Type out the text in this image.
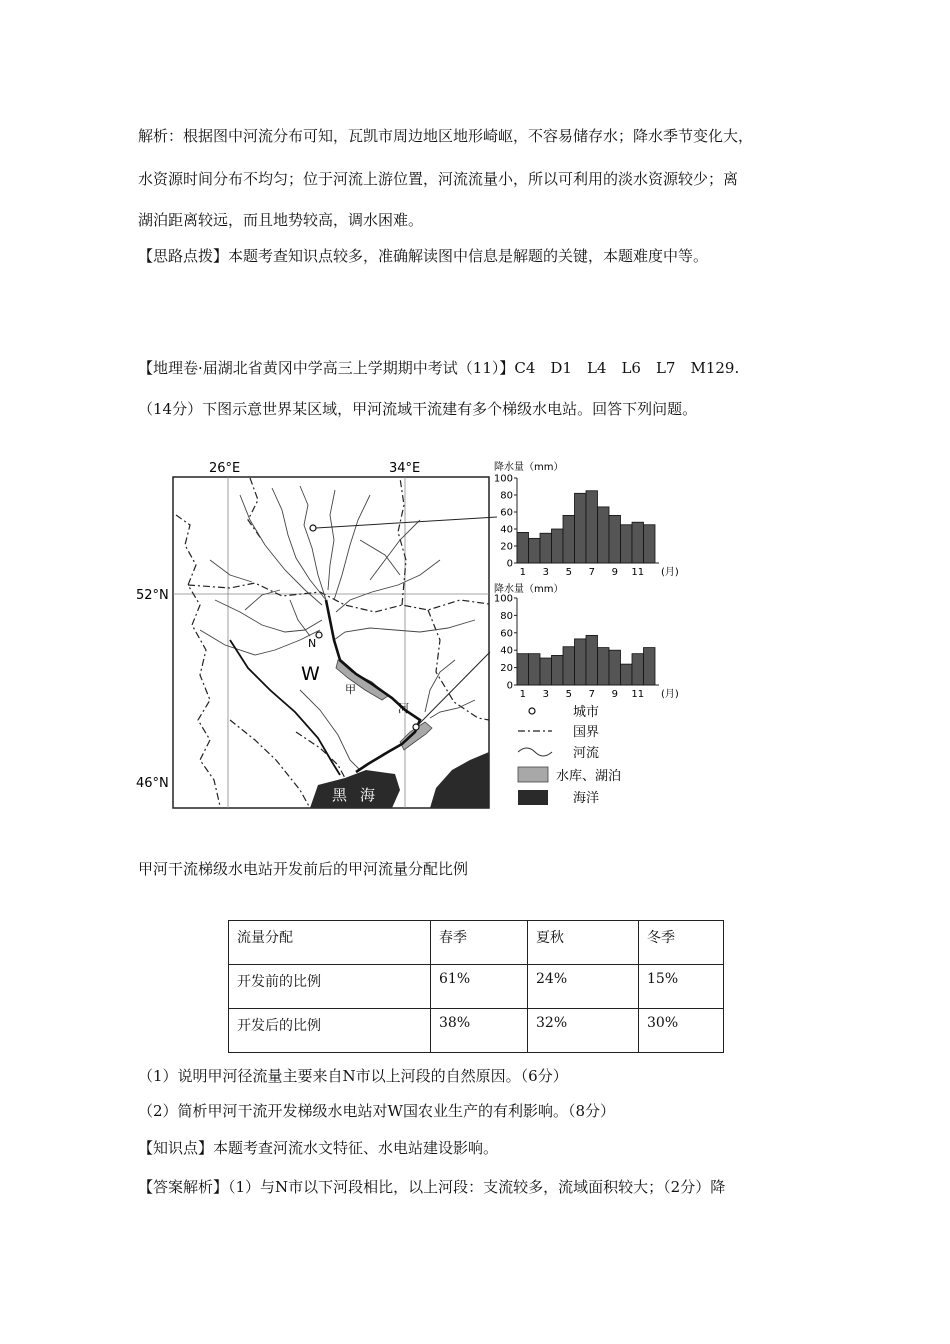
解析：根据图中河流分布可知，瓦凯市周边地区地形崎岖，不容易储存水；降水季节变化大，
水资源时间分布不均匀；位于河流上游位置，河流流量小，所以可利用的淡水资源较少；离
湖泊距离较远，而且地势较高，调水困难。
【思路点拨】本题考查知识点较多，准确解读图中信息是解题的关键，本题难度中等。
【地理卷·届湖北省黄冈中学高三上学期期中考试（11）】C4　D1　L4　L6　L7　M129.
（14分）下图示意世界某区域，甲河流域干流建有多个梯级水电站。回答下列问题。
26°E	34°E
52°N
46°N
N
W
甲
河
黑 海
降水量（mm）
0
20
40
60
80
100
1 3 5 7 9 11 (月)
降水量（mm）
0
20
40
60
80
100
1 3 5 7 9 11 (月)
城市
国界
河流
水库、湖泊
海洋
甲河干流梯级水电站开发前后的甲河流量分配比例
流量分配	春季	夏秋	冬季
开发前的比例	61%	24%	15%
开发后的比例	38%	32%	30%
（1）说明甲河径流量主要来自N市以上河段的自然原因。（6分）
（2）简析甲河干流开发梯级水电站对W国农业生产的有利影响。（8分）
【知识点】本题考查河流水文特征、水电站建设影响。
【答案解析】（1）与N市以下河段相比，以上河段：支流较多，流域面积较大；（2分）降
